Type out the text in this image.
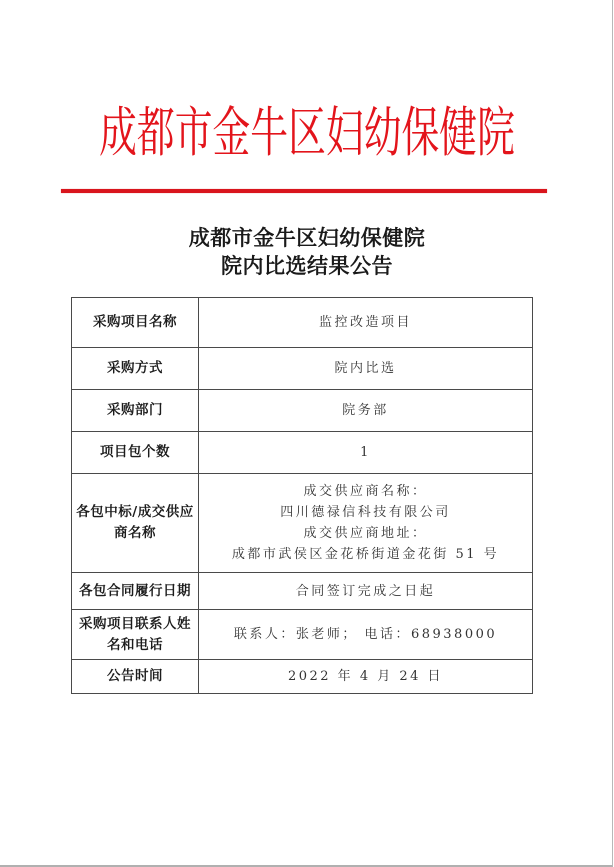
成都市金牛区妇幼保健院
成都市金牛区妇幼保健院
院内比选结果公告
采购项目名称	监控改造项目
采购方式	院内比选
采购部门	院务部
项目包个数	1
各包中标/成交供应商名称	成交供应商名称：
四川德禄信科技有限公司
成交供应商地址：
成都市武侯区金花桥街道金花街 51 号

各包合同履行日期	合同签订完成之日起
采购项目联系人姓名和电话	联系人：张老师； 电话：68938000
公告时间	2022 年 4 月 24 日
